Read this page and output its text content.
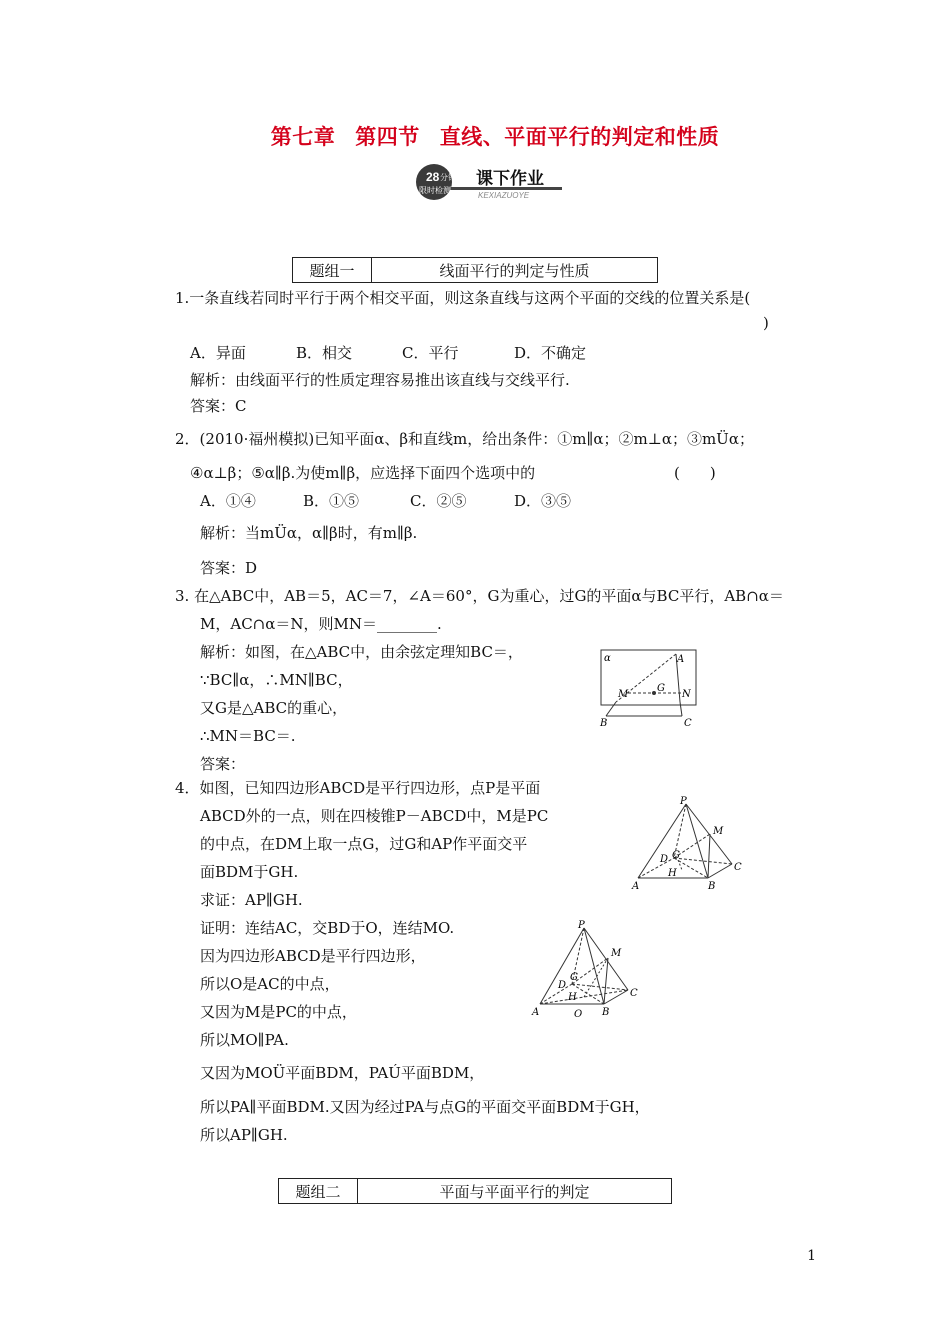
第七章 第四节 直线、平面平行的判定和性质
28 分钟
限时检测
课下作业
KEXIAZUOYE
题组一	线面平行的判定与性质
1.一条直线若同时平行于两个相交平面，则这条直线与这两个平面的交线的位置关系是(
)
A．异面	B．相交	C．平行	D．不确定
解析：由线面平行的性质定理容易推出该直线与交线平行.
答案：C
2．(2010·福州模拟)已知平面α、β和直线m，给出条件：①m∥α；②m⊥α；③mÜα；
④α⊥β；⑤α∥β.为使m∥β，应选择下面四个选项中的	(　　)
A．①④	B．①⑤	C．②⑤	D．③⑤
解析：当mÜα，α∥β时，有m∥β.
答案：D
3. 在△ABC中，AB＝5，AC＝7，∠A＝60°，G为重心，过G的平面α与BC平行，AB∩α＝
M，AC∩α＝N，则MN＝________.
解析：如图，在△ABC中，由余弦定理知BC＝，
∵BC∥α，∴MN∥BC，
又G是△ABC的重心，
∴MN＝BC＝.
答案：
α	A
G
M	N
B	C
4．如图，已知四边形ABCD是平行四边形，点P是平面
ABCD外的一点，则在四棱锥P－ABCD中，M是PC
的中点，在DM上取一点G，过G和AP作平面交平
面BDM于GH.
求证：AP∥GH.
证明：连结AC，交BD于O，连结MO.
因为四边形ABCD是平行四边形，
所以O是AC的中点，
又因为M是PC的中点，
所以MO∥PA.
又因为MOÜ平面BDM，PAÚ平面BDM，
所以PA∥平面BDM.又因为经过PA与点G的平面交平面BDM于GH，
所以AP∥GH.
P
M
D G
H
A	B
C
P
M
G
D
H
A	O B
C
题组二	平面与平面平行的判定
1
